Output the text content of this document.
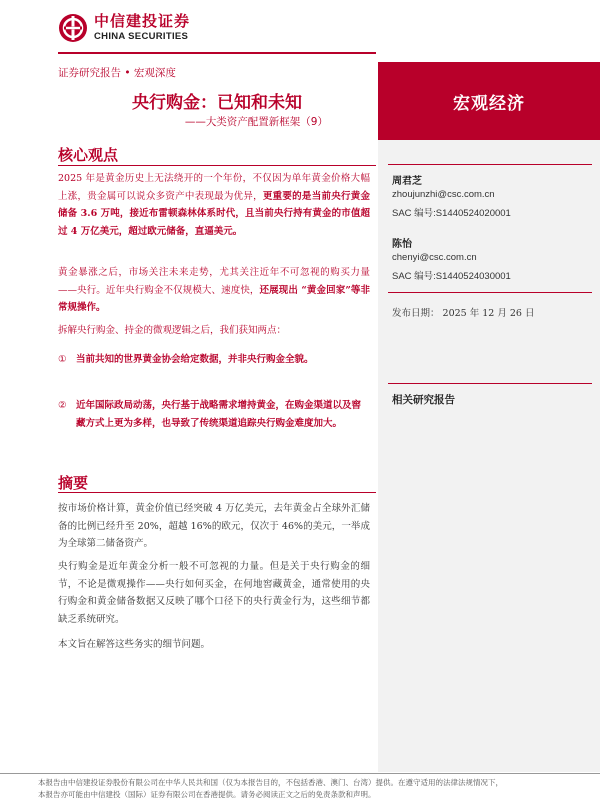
中信建投证券
CHINA SECURITIES
证券研究报告 • 宏观深度
央行购金：已知和未知
——大类资产配置新框架（9）
宏观经济
周君芝
zhoujunzhi@csc.com.cn
SAC 编号:S1440524020001
陈怡
chenyi@csc.com.cn
SAC 编号:S1440524030001
发布日期： 2025 年 12 月 26 日
相关研究报告
核心观点
2025 年是黄金历史上无法绕开的一个年份，不仅因为单年黄金价格大幅上涨，贵金属可以说众多资产中表现最为优异，更重要的是当前央行黄金储备 3.6 万吨，接近布雷顿森林体系时代，且当前央行持有黄金的市值超过 4 万亿美元，超过欧元储备，直逼美元。
黄金暴涨之后，市场关注未来走势，尤其关注近年不可忽视的购买力量——央行。近年央行购金不仅规模大、速度快，还展现出 “黄金回家”等非常规操作。
拆解央行购金、持金的微观逻辑之后，我们获知两点：
① 当前共知的世界黄金协会给定数据，并非央行购金全貌。
② 近年国际政局动荡，央行基于战略需求增持黄金，在购金渠道以及窖藏方式上更为多样，也导致了传统渠道追踪央行购金难度加大。
摘要
按市场价格计算，黄金价值已经突破 4 万亿美元，去年黄金占全球外汇储备的比例已经升至 20%，超越 16%的欧元，仅次于 46%的美元，一举成为全球第二储备资产。
央行购金是近年黄金分析一般不可忽视的力量。但是关于央行购金的细节，不论是微观操作——央行如何买金，在何地窖藏黄金，通常使用的央行购金和黄金储备数据又反映了哪个口径下的央行黄金行为，这些细节都缺乏系统研究。
本文旨在解答这些务实的细节问题。
本报告由中信建投证券股份有限公司在中华人民共和国（仅为本报告目的，不包括香港、澳门、台湾）提供。在遵守适用的法律法规情况下，
本报告亦可能由中信建投（国际）证券有限公司在香港提供。请务必阅读正文之后的免责条款和声明。
